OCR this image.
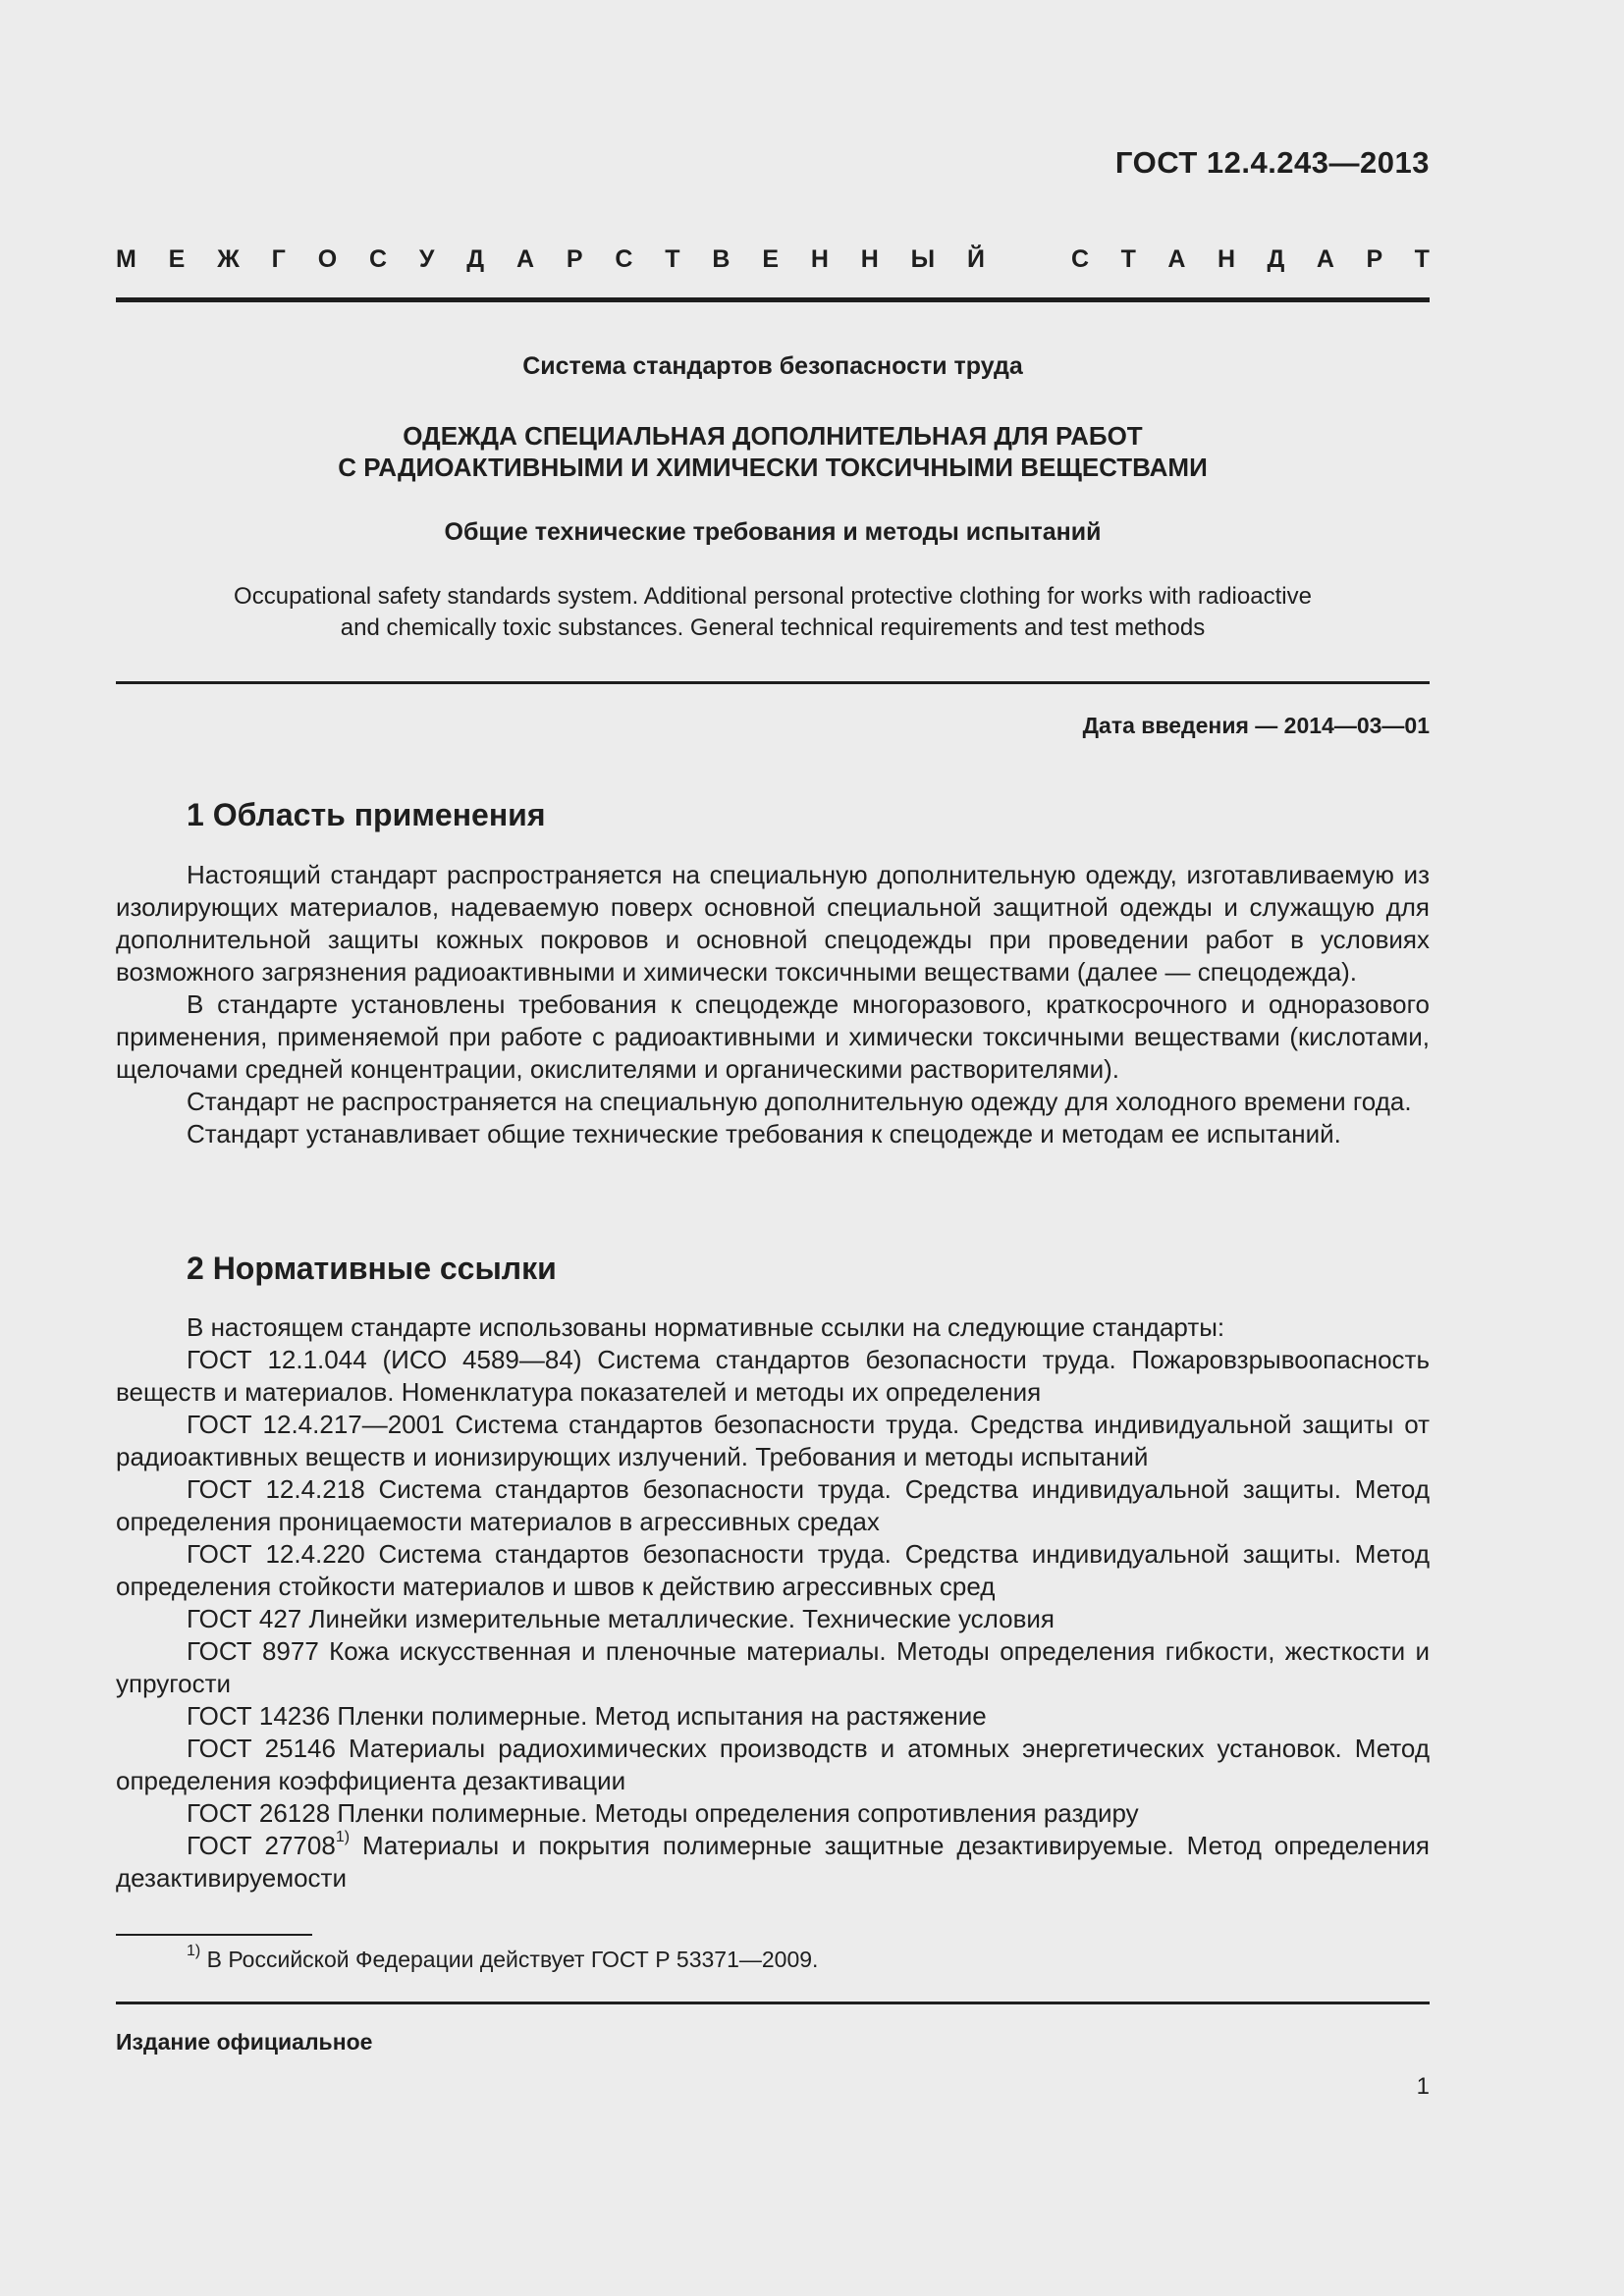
ГОСТ 12.4.243—2013
М Е Ж Г О С У Д А Р С Т В Е Н Н Ы Й	С Т А Н Д А Р Т
Система стандартов безопасности труда
ОДЕЖДА СПЕЦИАЛЬНАЯ ДОПОЛНИТЕЛЬНАЯ ДЛЯ РАБОТ
С РАДИОАКТИВНЫМИ И ХИМИЧЕСКИ ТОКСИЧНЫМИ ВЕЩЕСТВАМИ
Общие технические требования и методы испытаний
Occupational safety standards system. Additional personal protective clothing for works with radioactive
and chemically toxic substances. General technical requirements and test methods
Дата введения — 2014—03—01
1 Область применения

Настоящий стандарт распространяется на специальную дополнительную одежду, изготавливаемую из изолирующих материалов, надеваемую поверх основной специальной защитной одежды и служащую для дополнительной защиты кожных покровов и основной спецодежды при проведении работ в условиях возможного загрязнения радиоактивными и химически токсичными веществами (далее — спецодежда).

В стандарте установлены требования к спецодежде многоразового, краткосрочного и одноразового применения, применяемой при работе с радиоактивными и химически токсичными веществами (кислотами, щелочами средней концентрации, окислителями и органическими растворителями).

Стандарт не распространяется на специальную дополнительную одежду для холодного времени года.

Стандарт устанавливает общие технические требования к спецодежде и методам ее испытаний.

2 Нормативные ссылки

В настоящем стандарте использованы нормативные ссылки на следующие стандарты:

ГОСТ 12.1.044 (ИСО 4589—84) Система стандартов безопасности труда. Пожаровзрывоопасность веществ и материалов. Номенклатура показателей и методы их определения

ГОСТ 12.4.217—2001 Система стандартов безопасности труда. Средства индивидуальной защиты от радиоактивных веществ и ионизирующих излучений. Требования и методы испытаний

ГОСТ 12.4.218 Система стандартов безопасности труда. Средства индивидуальной защиты. Метод определения проницаемости материалов в агрессивных средах

ГОСТ 12.4.220 Система стандартов безопасности труда. Средства индивидуальной защиты. Метод определения стойкости материалов и швов к действию агрессивных сред

ГОСТ 427 Линейки измерительные металлические. Технические условия

ГОСТ 8977 Кожа искусственная и пленочные материалы. Методы определения гибкости, жесткости и упругости

ГОСТ 14236 Пленки полимерные. Метод испытания на растяжение

ГОСТ 25146 Материалы радиохимических производств и атомных энергетических установок. Метод определения коэффициента дезактивации

ГОСТ 26128 Пленки полимерные. Методы определения сопротивления раздиру

ГОСТ 27708$^{1)}$ Материалы и покрытия полимерные защитные дезактивируемые. Метод определения дезактивируемости

$^{1)}$ В Российской Федерации действует ГОСТ Р 53371—2009.
Издание официальное
1
